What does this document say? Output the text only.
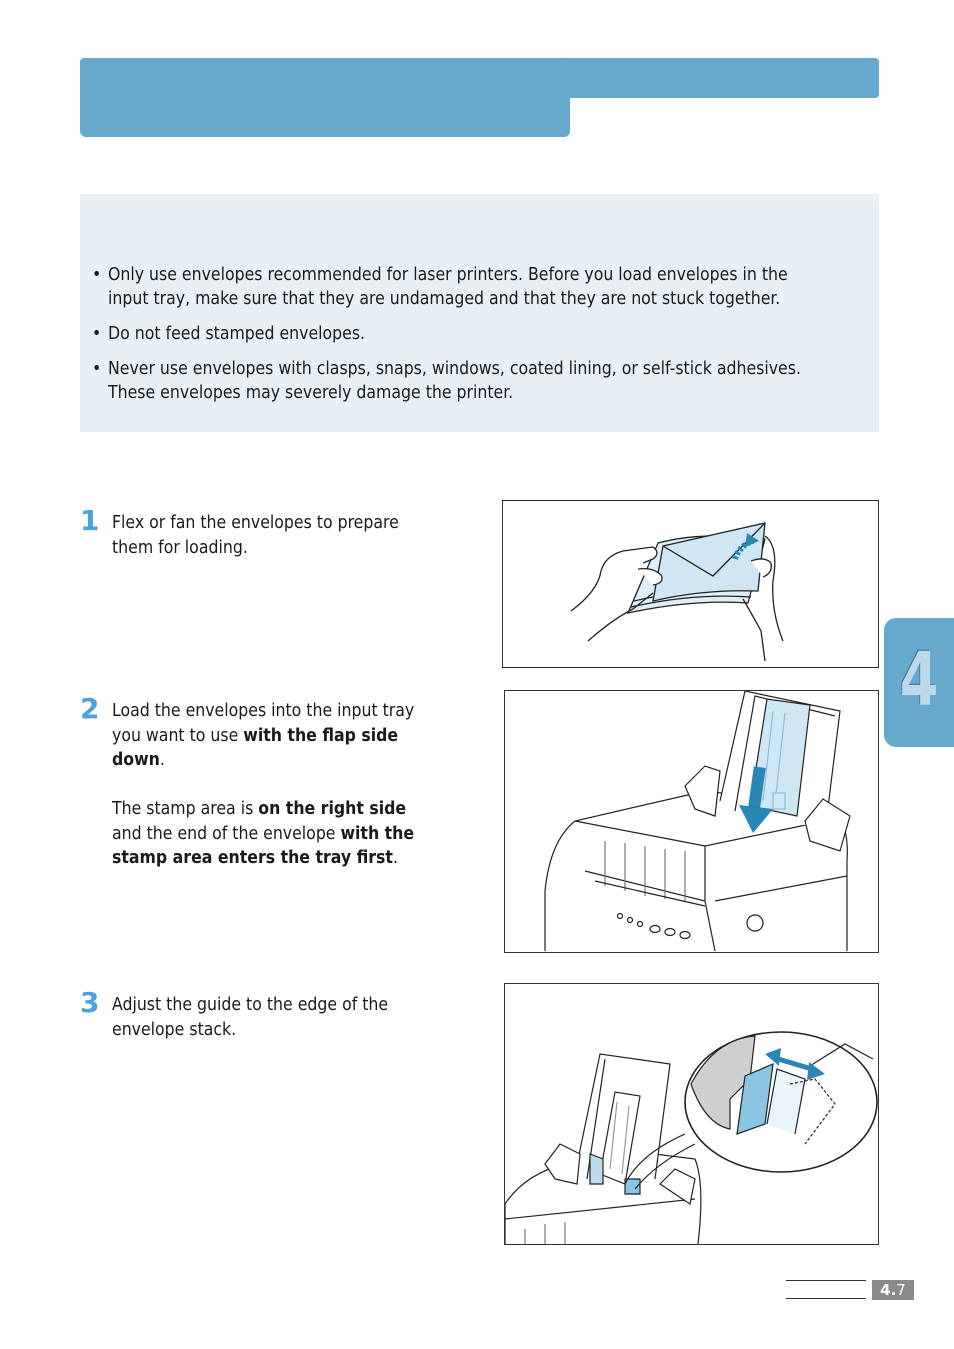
• Only use envelopes recommended for laser printers. Before you load envelopes in the
input tray, make sure that they are undamaged and that they are not stuck together.
• Do not feed stamped envelopes.
• Never use envelopes with clasps, snaps, windows, coated lining, or self-stick adhesives.
These envelopes may severely damage the printer.
1 Flex or fan the envelopes to prepare
them for loading.
2 Load the envelopes into the input tray
you want to use with the flap side
down.

The stamp area is on the right side
and the end of the envelope with the
stamp area enters the tray first.
3 Adjust the guide to the edge of the
envelope stack.
4
4.7
